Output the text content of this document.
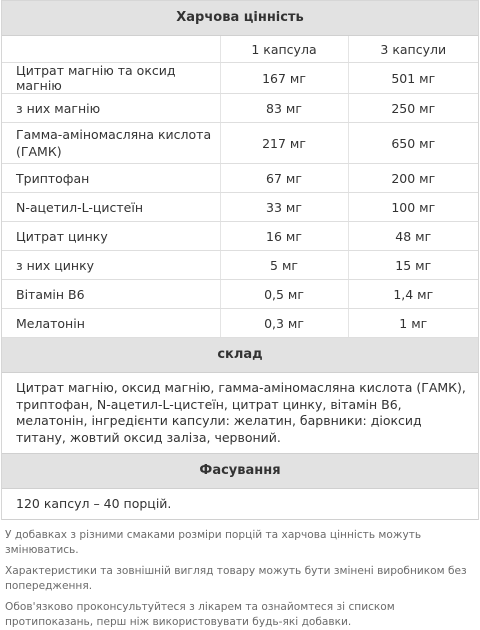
Харчова цінність
	1 капсула	3 капсули
Цитрат магнію та оксид магнію	167 мг	501 мг
з них магнію	83 мг	250 мг
Гамма-аміномасляна кислота (ГАМК)	217 мг	650 мг
Триптофан	67 мг	200 мг
N-ацетил-L-цистеїн	33 мг	100 мг
Цитрат цинку	16 мг	48 мг
з них цинку	5 мг	15 мг
Вітамін В6	0,5 мг	1,4 мг
Мелатонін	0,3 мг	1 мг
склад
Цитрат магнію, оксид магнію, гамма-аміномасляна кислота (ГАМК), триптофан, N-ацетил-L-цистеїн, цитрат цинку, вітамін В6, мелатонін, інгредієнти капсули: желатин, барвники: діоксид титану, жовтий оксид заліза, червоний.
Фасування
120 капсул – 40 порцій.

У добавках з різними смаками розміри порцій та харчова цінність можуть змінюватись.

Характеристики та зовнішній вигляд товару можуть бути змінені виробником без попередження.

Обов'язково проконсультуйтеся з лікарем та ознайомтеся зі списком протипоказань, перш ніж використовувати будь-які добавки.
